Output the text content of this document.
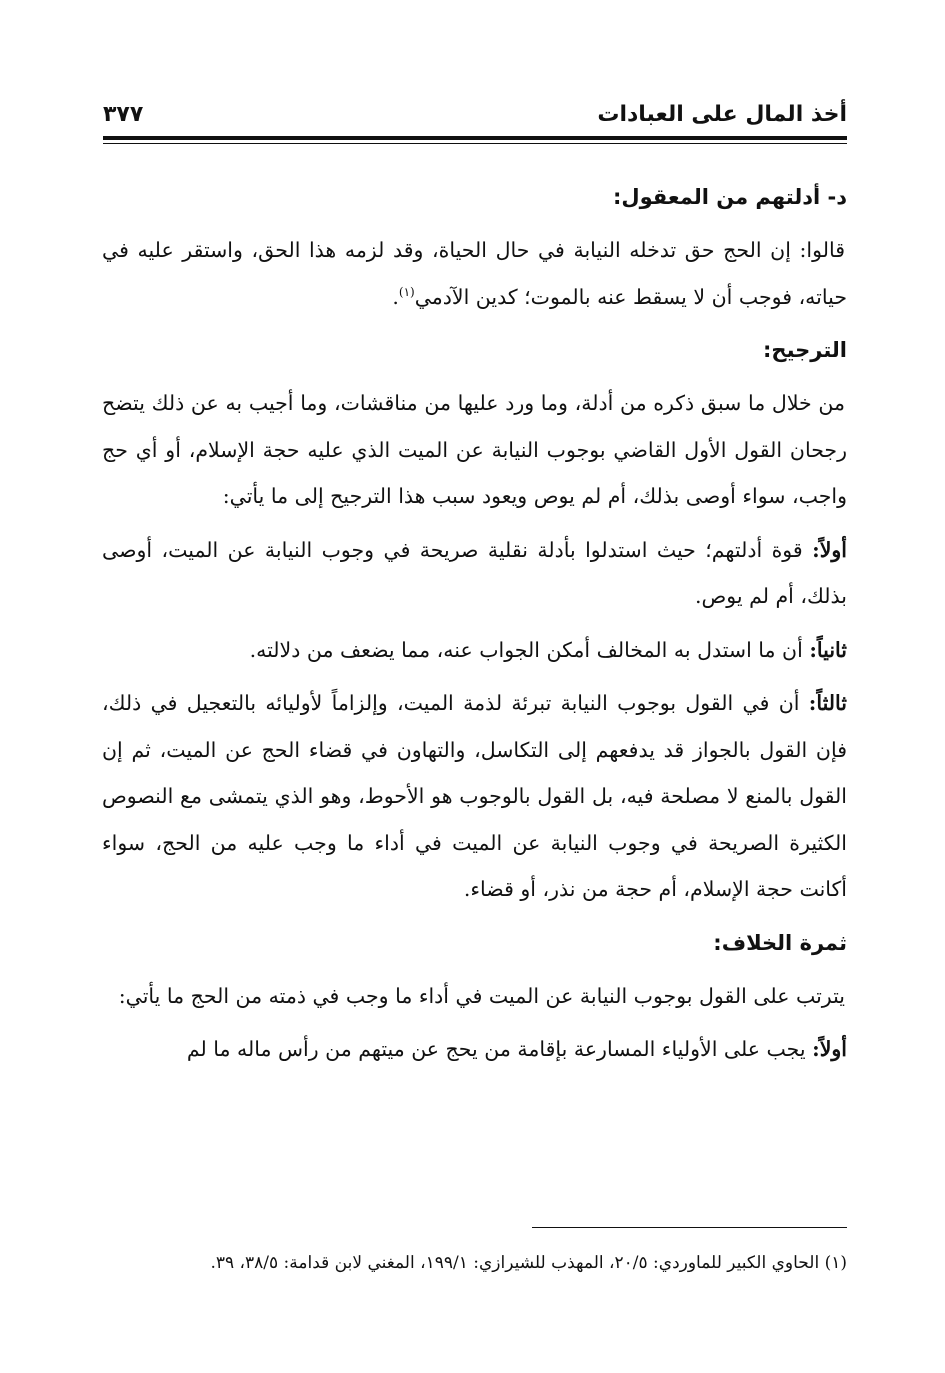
أخذ المال على العبادات
٣٧٧
د- أدلتهم من المعقول:

قالوا: إن الحج حق تدخله النيابة في حال الحياة، وقد لزمه هذا الحق، واستقر عليه في حياته، فوجب أن لا يسقط عنه بالموت؛ كدين الآدمي$^{(١)}$.

الترجيح:

من خلال ما سبق ذكره من أدلة، وما ورد عليها من مناقشات، وما أجيب به عن ذلك يتضح رجحان القول الأول القاضي بوجوب النيابة عن الميت الذي عليه حجة الإسلام، أو أي حج واجب، سواء أوصى بذلك، أم لم يوص ويعود سبب هذا الترجيح إلى ما يأتي:

أولاً: قوة أدلتهم؛ حيث استدلوا بأدلة نقلية صريحة في وجوب النيابة عن الميت، أوصى بذلك، أم لم يوص.

ثانياً: أن ما استدل به المخالف أمكن الجواب عنه، مما يضعف من دلالته.

ثالثاً: أن في القول بوجوب النيابة تبرئة لذمة الميت، وإلزاماً لأوليائه بالتعجيل في ذلك، فإن القول بالجواز قد يدفعهم إلى التكاسل، والتهاون في قضاء الحج عن الميت، ثم إن القول بالمنع لا مصلحة فيه، بل القول بالوجوب هو الأحوط، وهو الذي يتمشى مع النصوص الكثيرة الصريحة في وجوب النيابة عن الميت في أداء ما وجب عليه من الحج، سواء أكانت حجة الإسلام، أم حجة من نذر، أو قضاء.

ثمرة الخلاف:

يترتب على القول بوجوب النيابة عن الميت في أداء ما وجب في ذمته من الحج ما يأتي:

أولاً: يجب على الأولياء المسارعة بإقامة من يحج عن ميتهم من رأس ماله ما لم

(١) الحاوي الكبير للماوردي: ٢٠/٥، المهذب للشيرازي: ١٩٩/١، المغني لابن قدامة: ٣٨/٥، ٣٩.
